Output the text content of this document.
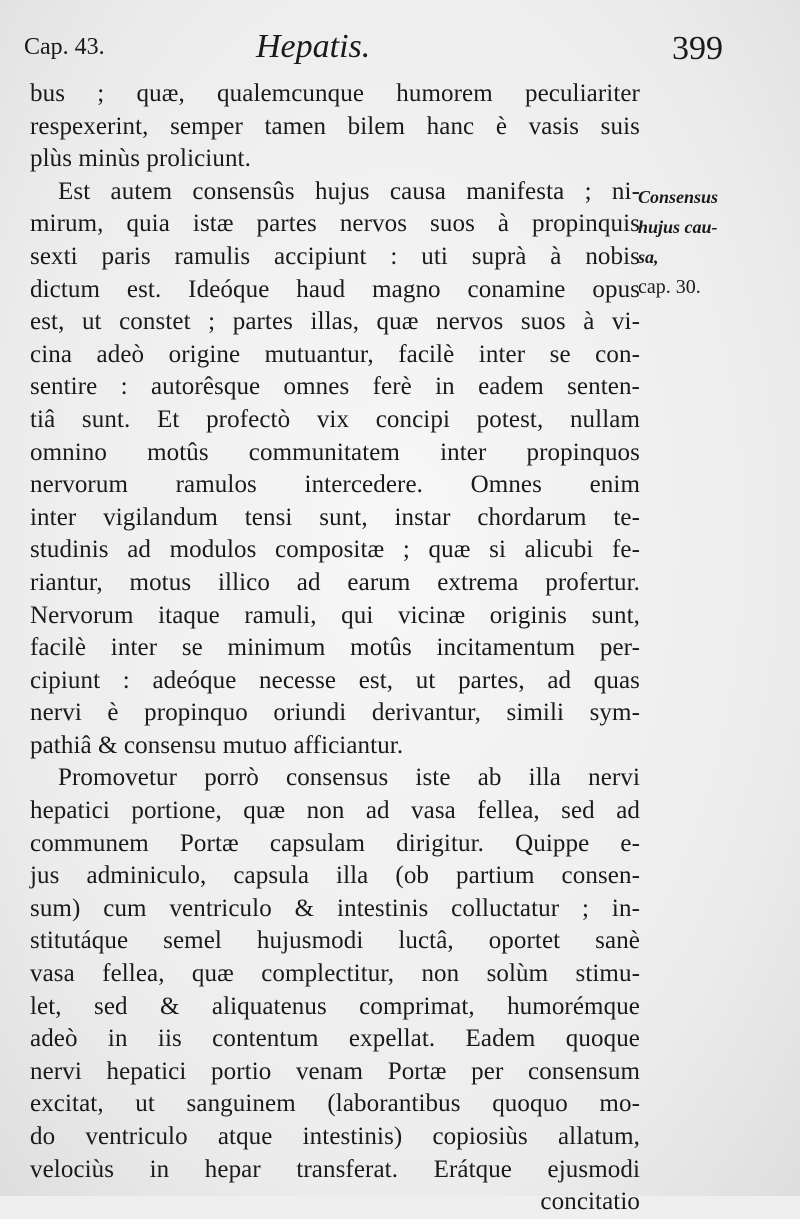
Cap. 43.	Hepatis.	399
bus ; quæ, qualemcunque humorem peculiariter
respexerint, semper tamen bilem hanc è vasis suis
plùs minùs proliciunt.
Est autem consensûs hujus causa manifesta ; ni-
mirum, quia istæ partes nervos suos à propinquis
sexti paris ramulis accipiunt : uti suprà à nobis
dictum est. Ideóque haud magno conamine opus
est, ut constet ; partes illas, quæ nervos suos à vi-
cina adeò origine mutuantur, facilè inter se con-
sentire : autorêsque omnes ferè in eadem senten-
tiâ sunt. Et profectò vix concipi potest, nullam
omnino motûs communitatem inter propinquos
nervorum ramulos intercedere. Omnes enim
inter vigilandum tensi sunt, instar chordarum te-
studinis ad modulos compositæ ; quæ si alicubi fe-
riantur, motus illico ad earum extrema profertur.
Nervorum itaque ramuli, qui vicinæ originis sunt,
facilè inter se minimum motûs incitamentum per-
cipiunt : adeóque necesse est, ut partes, ad quas
nervi è propinquo oriundi derivantur, simili sym-
pathiâ & consensu mutuo afficiantur.
Promovetur porrò consensus iste ab illa nervi
hepatici portione, quæ non ad vasa fellea, sed ad
communem Portæ capsulam dirigitur. Quippe e-
jus adminiculo, capsula illa (ob partium consen-
sum) cum ventriculo & intestinis colluctatur ; in-
stitutáque semel hujusmodi luctâ, oportet sanè
vasa fellea, quæ complectitur, non solùm stimu-
let, sed & aliquatenus comprimat, humorémque
adeò in iis contentum expellat. Eadem quoque
nervi hepatici portio venam Portæ per consensum
excitat, ut sanguinem (laborantibus quoquo mo-
do ventriculo atque intestinis) copiosiùs allatum,
velociùs in hepar transferat. Erátque ejusmodi
concitatio
Consensus
hujus cau-
sa,
cap. 30.
